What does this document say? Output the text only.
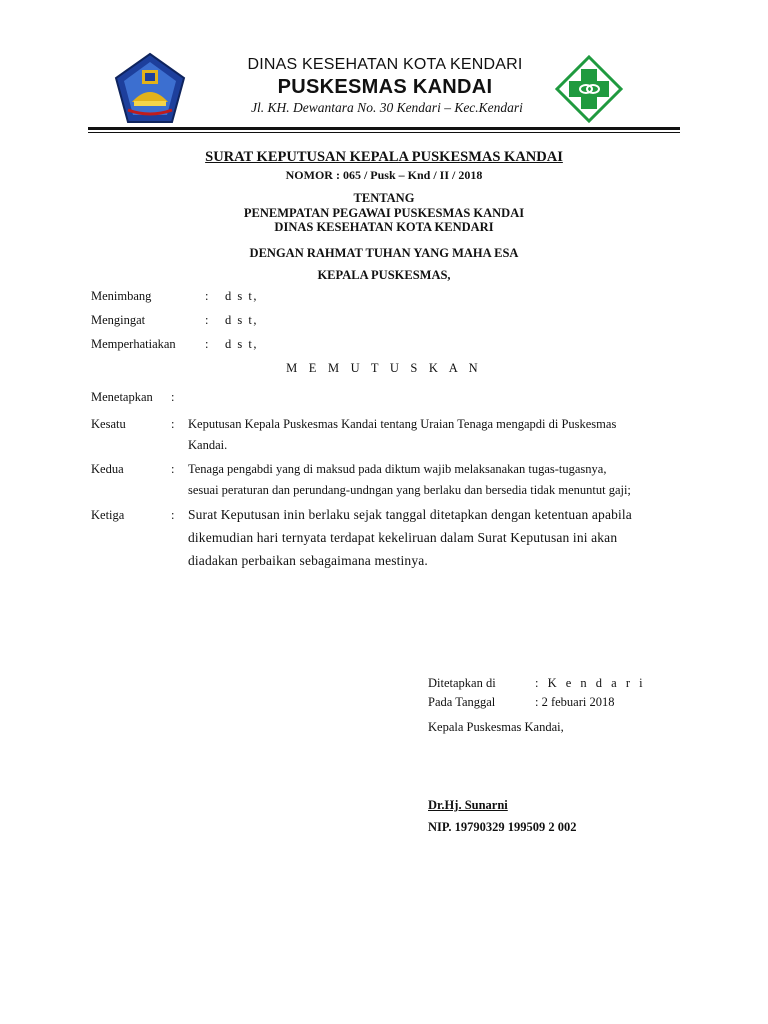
DINAS KESEHATAN KOTA KENDARI
PUSKESMAS KANDAI
Jl. KH. Dewantara No. 30 Kendari – Kec.Kendari
SURAT KEPUTUSAN KEPALA PUSKESMAS KANDAI
NOMOR : 065 / Pusk – Knd / II / 2018
TENTANG
PENEMPATAN PEGAWAI PUSKESMAS KANDAI
DINAS KESEHATAN KOTA KENDARI
DENGAN RAHMAT TUHAN YANG MAHA ESA
KEPALA PUSKESMAS,
Menimbang	: d s t,
Mengingat	: d s t,
Memperhatiakan : d s t,
M E M U T U S K A N
Menetapkan :
Kesatu	: Keputusan Kepala Puskesmas Kandai tentang Uraian Tenaga mengapdi di Puskesmas
Kandai.
Kedua	: Tenaga pengabdi yang di maksud pada diktum wajib melaksanakan tugas-tugasnya,
sesuai peraturan dan perundang-undngan yang berlaku dan bersedia tidak menuntut gaji;
Ketiga	: Surat Keputusan inin berlaku sejak tanggal ditetapkan dengan ketentuan apabila
dikemudian hari ternyata terdapat kekeliruan dalam Surat Keputusan ini akan
diadakan perbaikan sebagaimana mestinya.
Ditetapkan di	: K e n d a r i
Pada Tanggal	: 2 febuari 2018
Kepala Puskesmas Kandai,
Dr.Hj. Sunarni
NIP. 19790329 199509 2 002
